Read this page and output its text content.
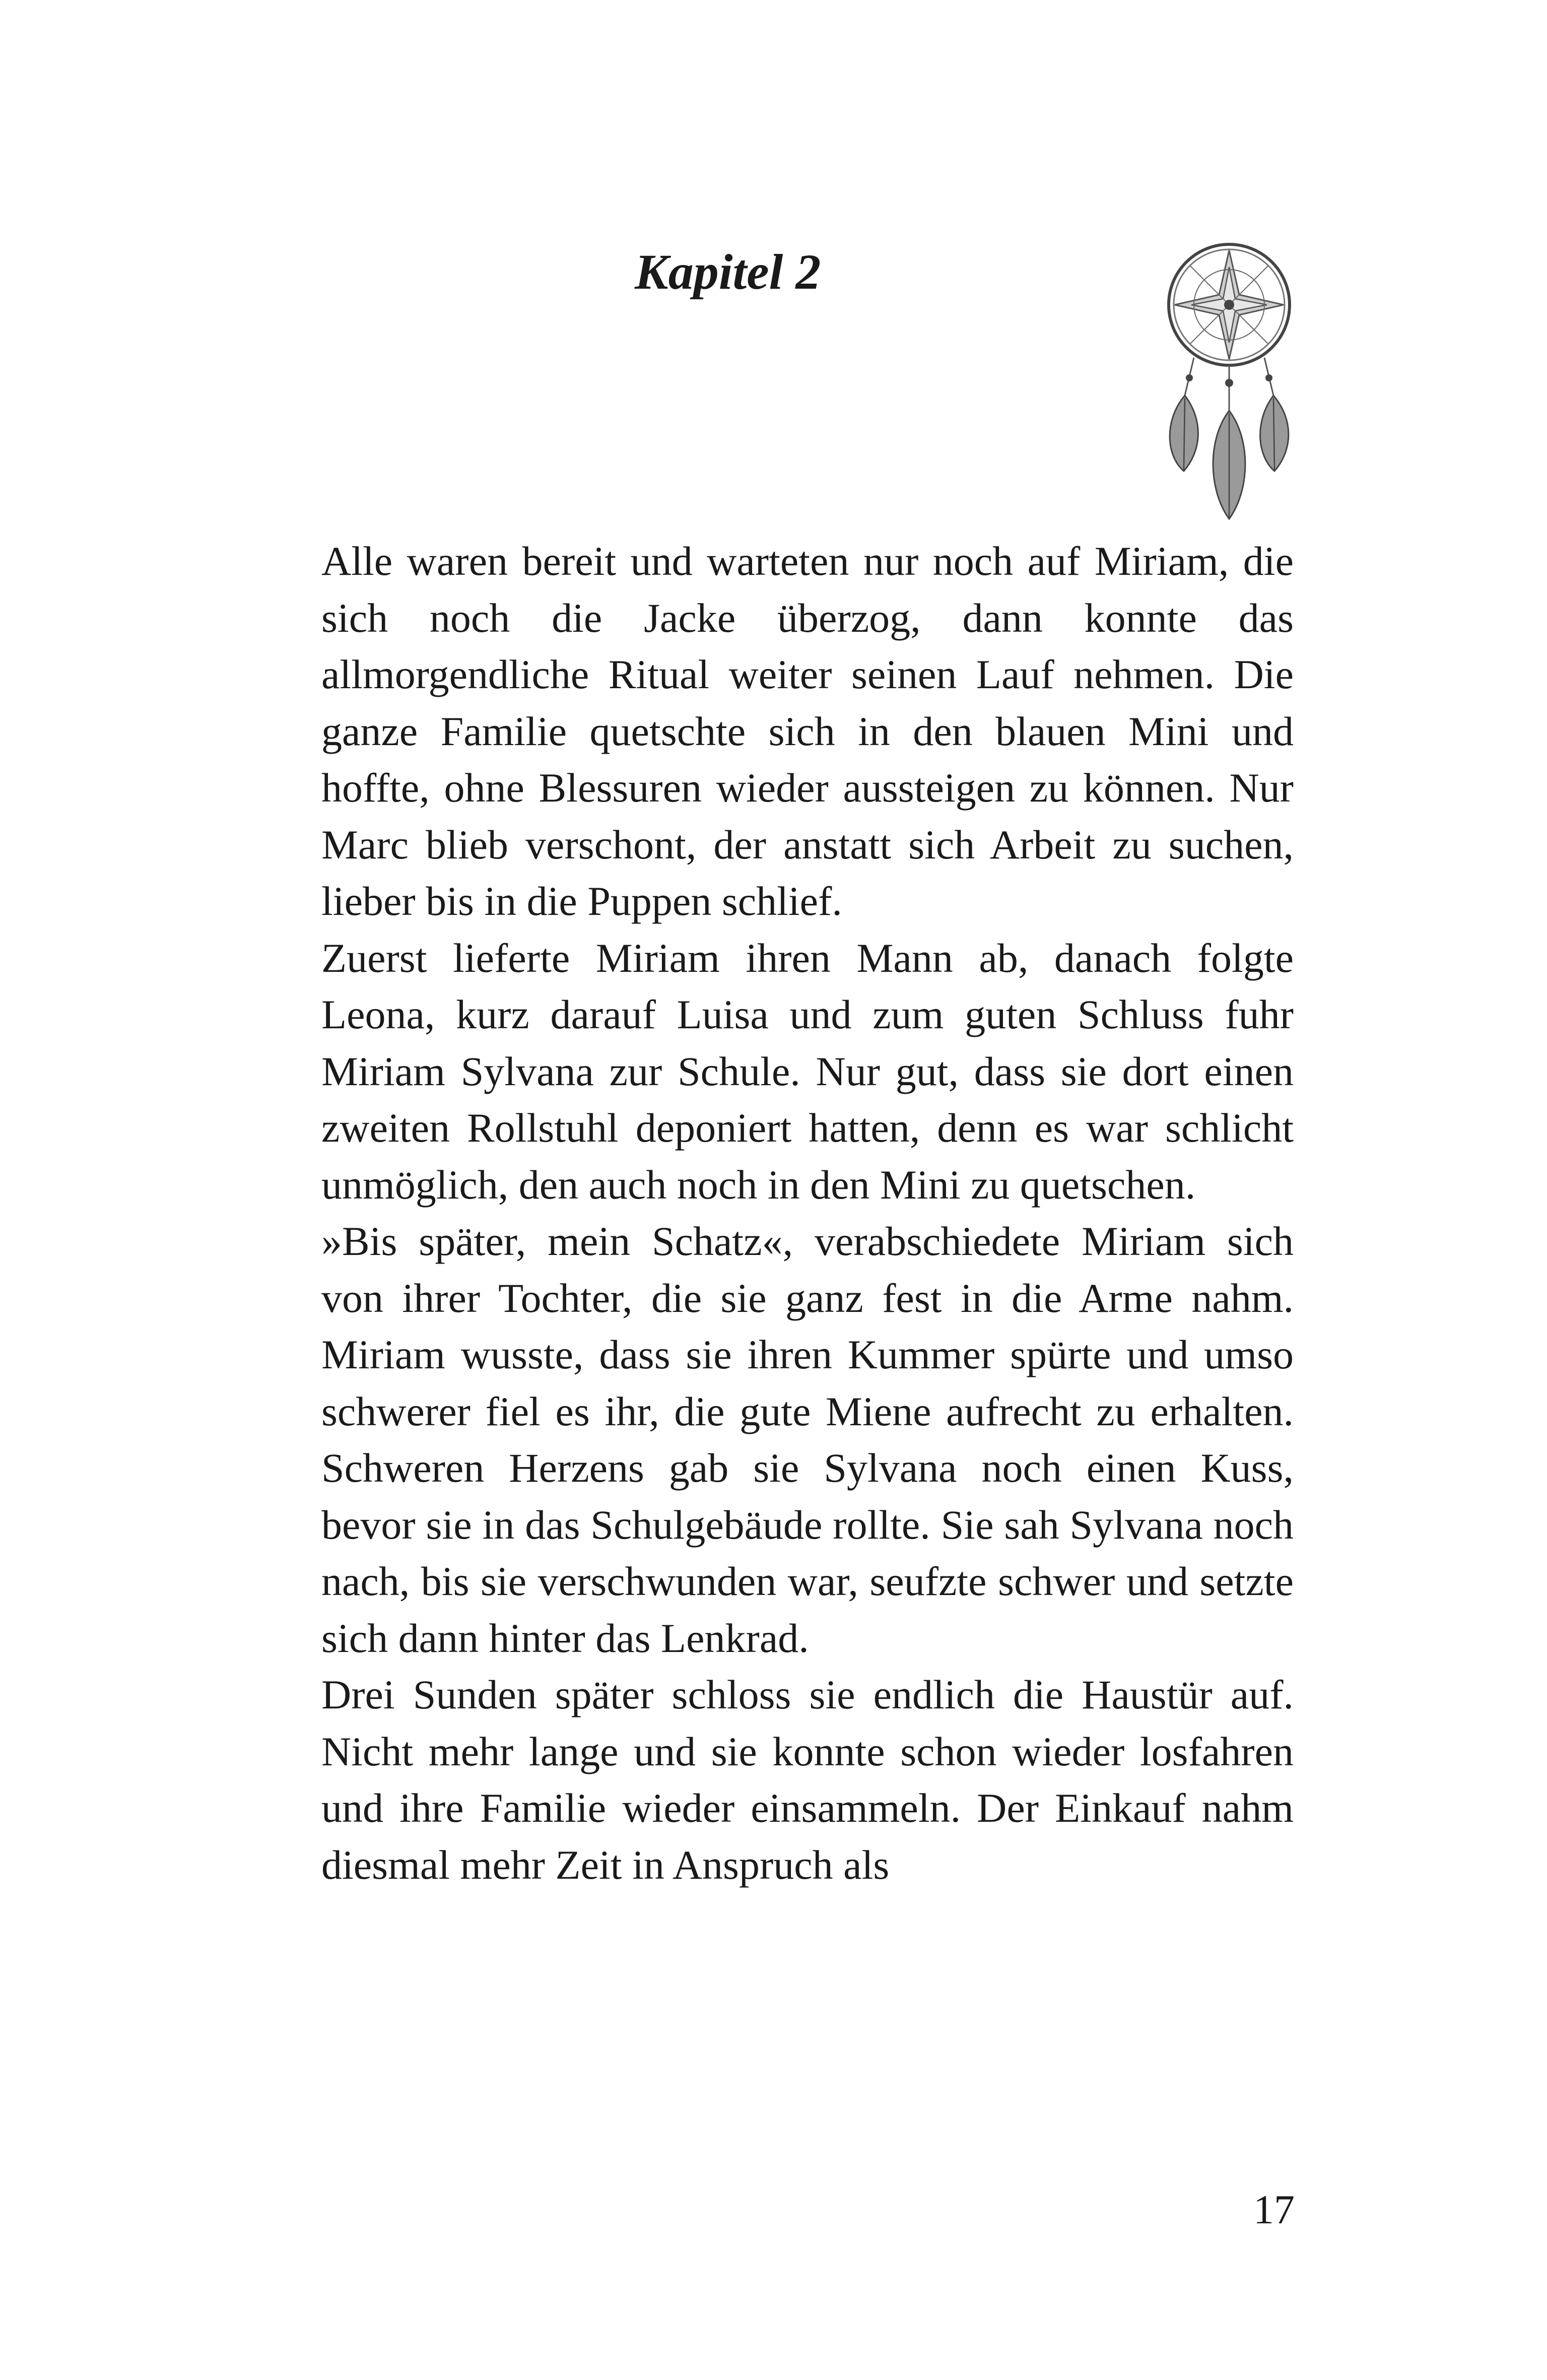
Kapitel 2

Alle waren bereit und warteten nur noch auf Miriam, die sich noch die Jacke überzog, dann konnte das allmorgendliche Ritual weiter seinen Lauf nehmen. Die ganze Familie quetschte sich in den blauen Mini und hoffte, ohne Blessuren wieder aussteigen zu können. Nur Marc blieb verschont, der anstatt sich Arbeit zu suchen, lieber bis in die Puppen schlief.

Zuerst lieferte Miriam ihren Mann ab, danach folgte Leona, kurz darauf Luisa und zum guten Schluss fuhr Miriam Sylvana zur Schule. Nur gut, dass sie dort einen zweiten Rollstuhl deponiert hatten, denn es war schlicht unmöglich, den auch noch in den Mini zu quetschen.

»Bis später, mein Schatz«, verabschiedete Miriam sich von ihrer Tochter, die sie ganz fest in die Arme nahm. Miriam wusste, dass sie ihren Kummer spürte und umso schwerer fiel es ihr, die gute Miene aufrecht zu erhalten. Schweren Herzens gab sie Sylvana noch einen Kuss, bevor sie in das Schulgebäude rollte. Sie sah Sylvana noch nach, bis sie verschwunden war, seufzte schwer und setzte sich dann hinter das Lenkrad.

Drei Sunden später schloss sie endlich die Haustür auf. Nicht mehr lange und sie konnte schon wieder losfahren und ihre Familie wieder einsammeln. Der Einkauf nahm diesmal mehr Zeit in Anspruch als

17
